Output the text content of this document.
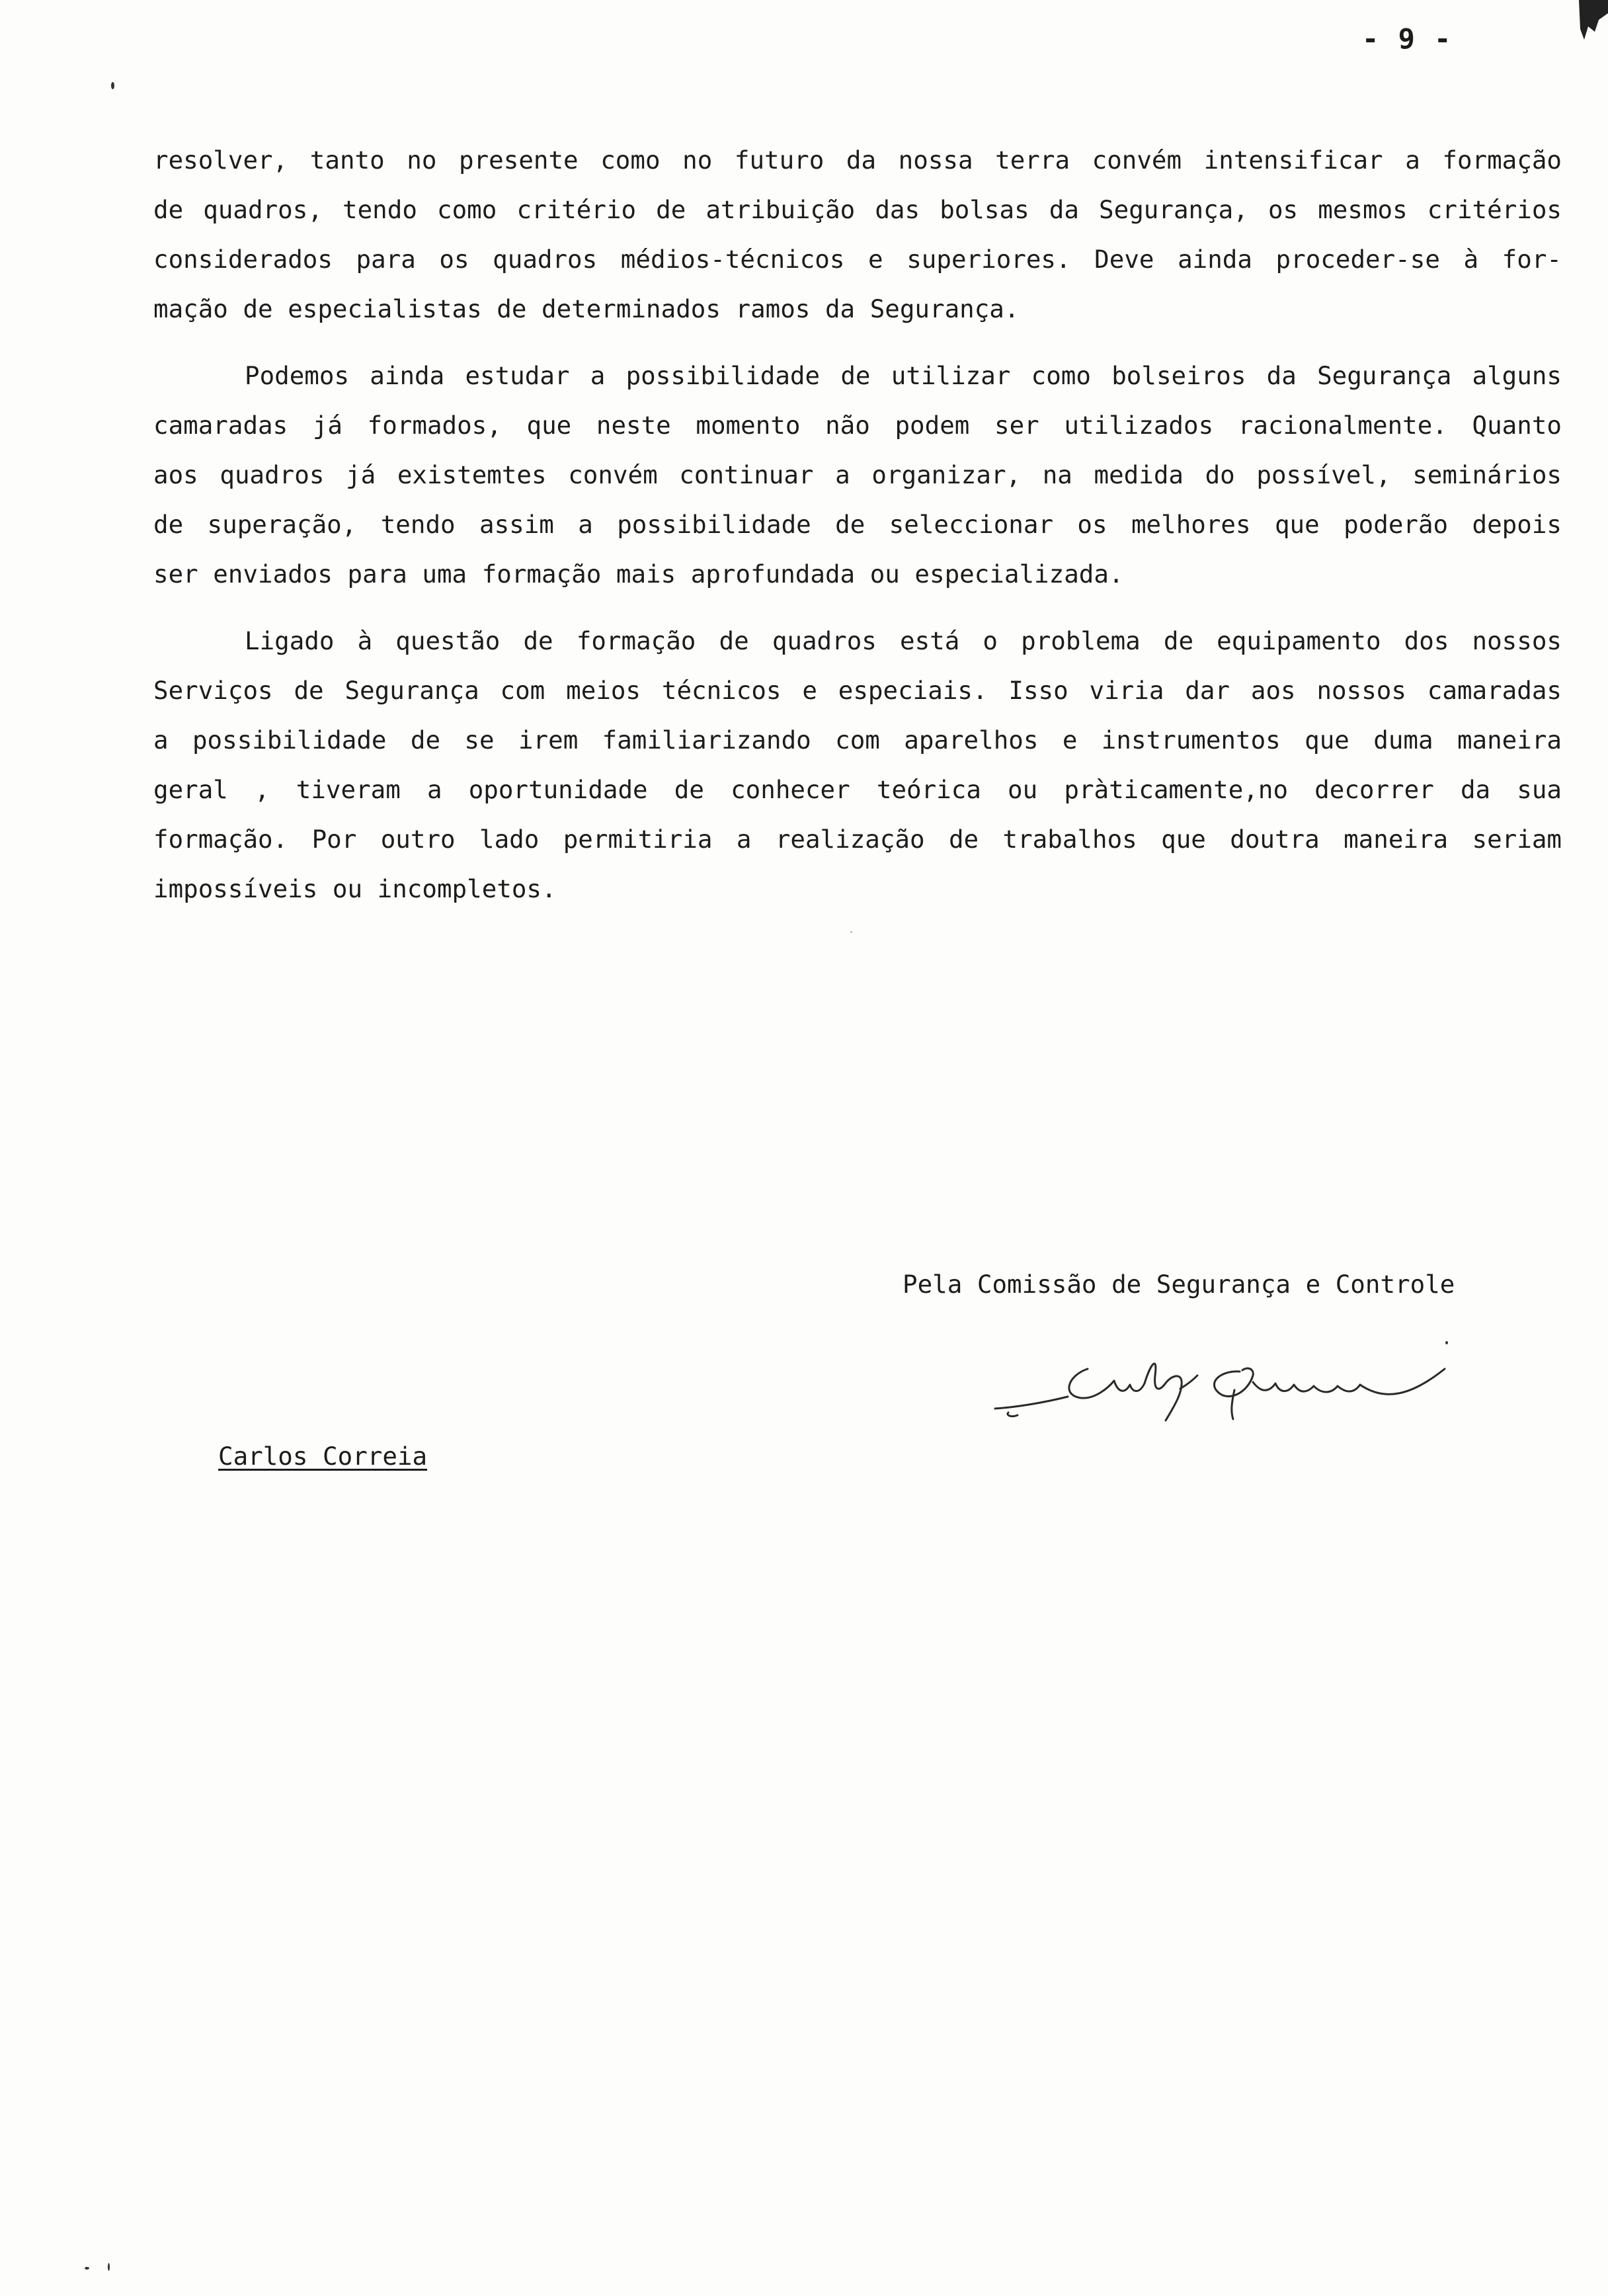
- 9 -
resolver, tanto no presente como no futuro da nossa terra convém intensificar a formação
de quadros, tendo como critério de atribuição das bolsas da Segurança, os mesmos critérios
considerados para os quadros médios-técnicos e superiores. Deve ainda proceder-se à for-
mação de especialistas de determinados ramos da Segurança.
Podemos ainda estudar a possibilidade de utilizar como bolseiros da Segurança alguns
camaradas já formados, que neste momento não podem ser utilizados racionalmente. Quanto
aos quadros já existemtes convém continuar a organizar, na medida do possível, seminários
de superação, tendo assim a possibilidade de seleccionar os melhores que poderão depois
ser enviados para uma formação mais aprofundada ou especializada.
Ligado à questão de formação de quadros está o problema de equipamento dos nossos
Serviços de Segurança com meios técnicos e especiais. Isso viria dar aos nossos camaradas
a possibilidade de se irem familiarizando com aparelhos e instrumentos que duma maneira
geral , tiveram a oportunidade de conhecer teórica ou pràticamente,no decorrer da sua
formação. Por outro lado permitiria a realização de trabalhos que doutra maneira seriam
impossíveis ou incompletos.
Pela Comissão de Segurança e Controle
Carlos Correia
